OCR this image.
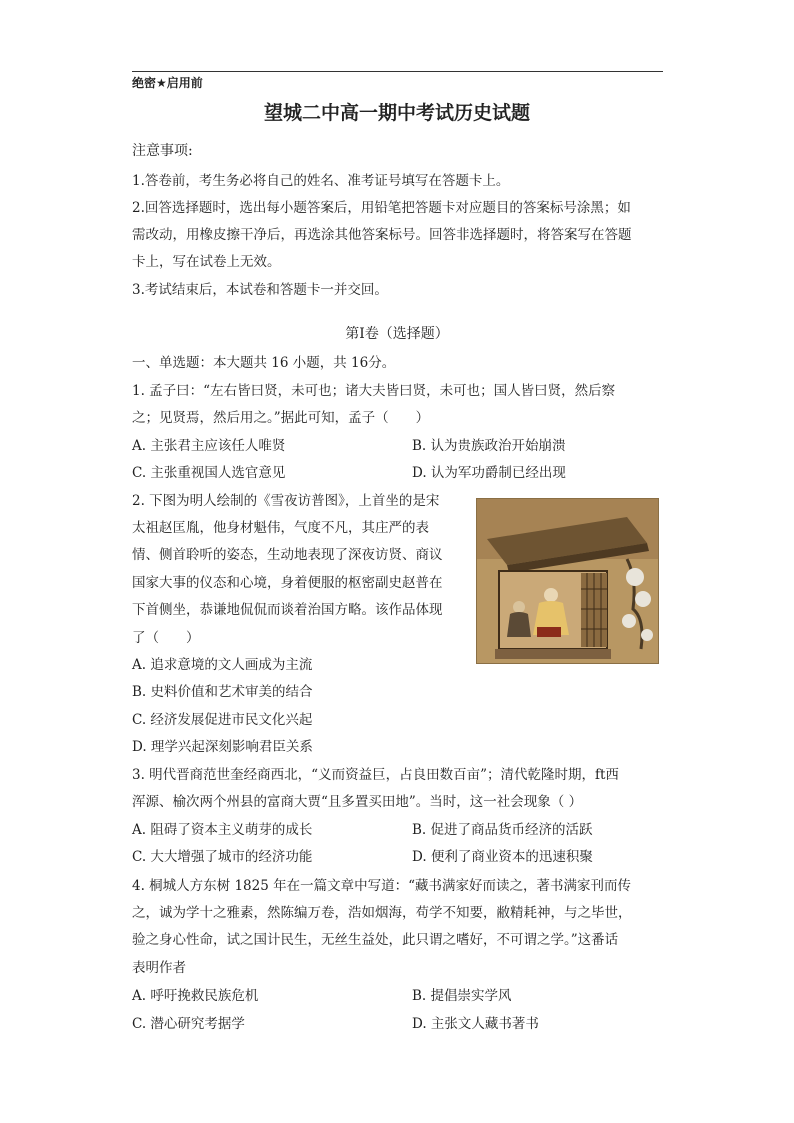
绝密★启用前
望城二中高一期中考试历史试题
注意事项:
1.答卷前，考生务必将自己的姓名、准考证号填写在答题卡上。
2.回答选择题时，选出每小题答案后，用铅笔把答题卡对应题目的答案标号涂黑；如
需改动，用橡皮擦干净后，再选涂其他答案标号。回答非选择题时，将答案写在答题
卡上，写在试卷上无效。
3.考试结束后，本试卷和答题卡一并交回。
第I卷（选择题）
一、单选题：本大题共 16 小题，共 16分。
1. 孟子曰：“左右皆曰贤，未可也；诸大夫皆曰贤，未可也；国人皆曰贤，然后察
之；见贤焉，然后用之。”据此可知，孟子（　　）
A. 主张君主应该任人唯贤	B. 认为贵族政治开始崩溃
C. 主张重视国人选官意见	D. 认为军功爵制已经出现
2. 下图为明人绘制的《雪夜访普图》，上首坐的是宋
太祖赵匡胤，他身材魁伟，气度不凡，其庄严的表
情、侧首聆听的姿态，生动地表现了深夜访贤、商议
国家大事的仪态和心境，身着便服的枢密副史赵普在
下首侧坐，恭谦地侃侃而谈着治国方略。该作品体现
了（　　）
A. 追求意境的文人画成为主流
B. 史料价值和艺术审美的结合
C. 经济发展促进市民文化兴起
D. 理学兴起深刻影响君臣关系
3. 明代晋商范世奎经商西北，“义而资益巨，占良田数百亩”；清代乾隆时期，ft西
浑源、榆次两个州县的富商大贾“且多置买田地”。当时，这一社会现象（ ）
A. 阻碍了资本主义萌芽的成长	B. 促进了商品货币经济的活跃
C. 大大增强了城市的经济功能	D. 便利了商业资本的迅速积聚
4. 桐城人方东树 1825 年在一篇文章中写道：“藏书满家好而读之，著书满家刊而传
之，诚为学十之雅素，然陈编万卷，浩如烟海，苟学不知要，敝精耗神，与之毕世，
验之身心性命，试之国计民生，无丝生益处，此只谓之嗜好，不可谓之学。”这番话
表明作者
A. 呼吁挽救民族危机	B. 提倡崇实学风
C. 潜心研究考据学	D. 主张文人藏书著书
